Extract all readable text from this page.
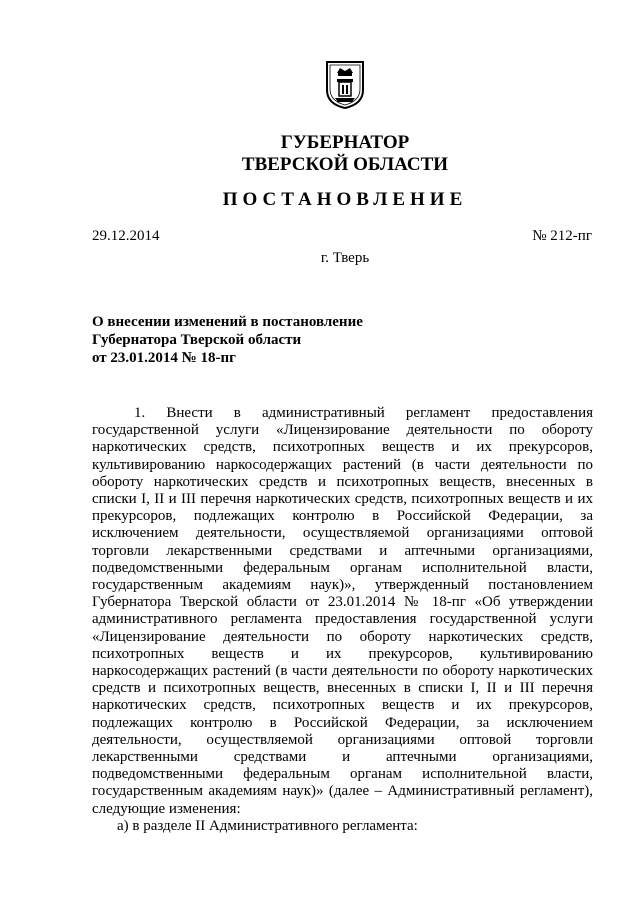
ГУБЕРНАТОР
ТВЕРСКОЙ ОБЛАСТИ
ПОСТАНОВЛЕНИЕ
29.12.2014	№ 212-пг
г. Тверь
О внесении изменений в постановление
Губернатора Тверской области
от 23.01.2014 № 18-пг
1. Внести в административный регламент предоставления
государственной услуги «Лицензирование деятельности по обороту
наркотических средств, психотропных веществ и их прекурсоров,
культивированию наркосодержащих растений (в части деятельности по
обороту наркотических средств и психотропных веществ, внесенных в
списки I, II и III перечня наркотических средств, психотропных веществ и их
прекурсоров, подлежащих контролю в Российской Федерации, за
исключением деятельности, осуществляемой организациями оптовой
торговли лекарственными средствами и аптечными организациями,
подведомственными федеральным органам исполнительной власти,
государственным академиям наук)», утвержденный постановлением
Губернатора Тверской области от 23.01.2014 № 18-пг «Об утверждении
административного регламента предоставления государственной услуги
«Лицензирование деятельности по обороту наркотических средств,
психотропных веществ и их прекурсоров, культивированию
наркосодержащих растений (в части деятельности по обороту наркотических
средств и психотропных веществ, внесенных в списки I, II и III перечня
наркотических средств, психотропных веществ и их прекурсоров,
подлежащих контролю в Российской Федерации, за исключением
деятельности, осуществляемой организациями оптовой торговли
лекарственными средствами и аптечными организациями,
подведомственными федеральным органам исполнительной власти,
государственным академиям наук)» (далее – Административный регламент),
следующие изменения:
а) в разделе II Административного регламента:
